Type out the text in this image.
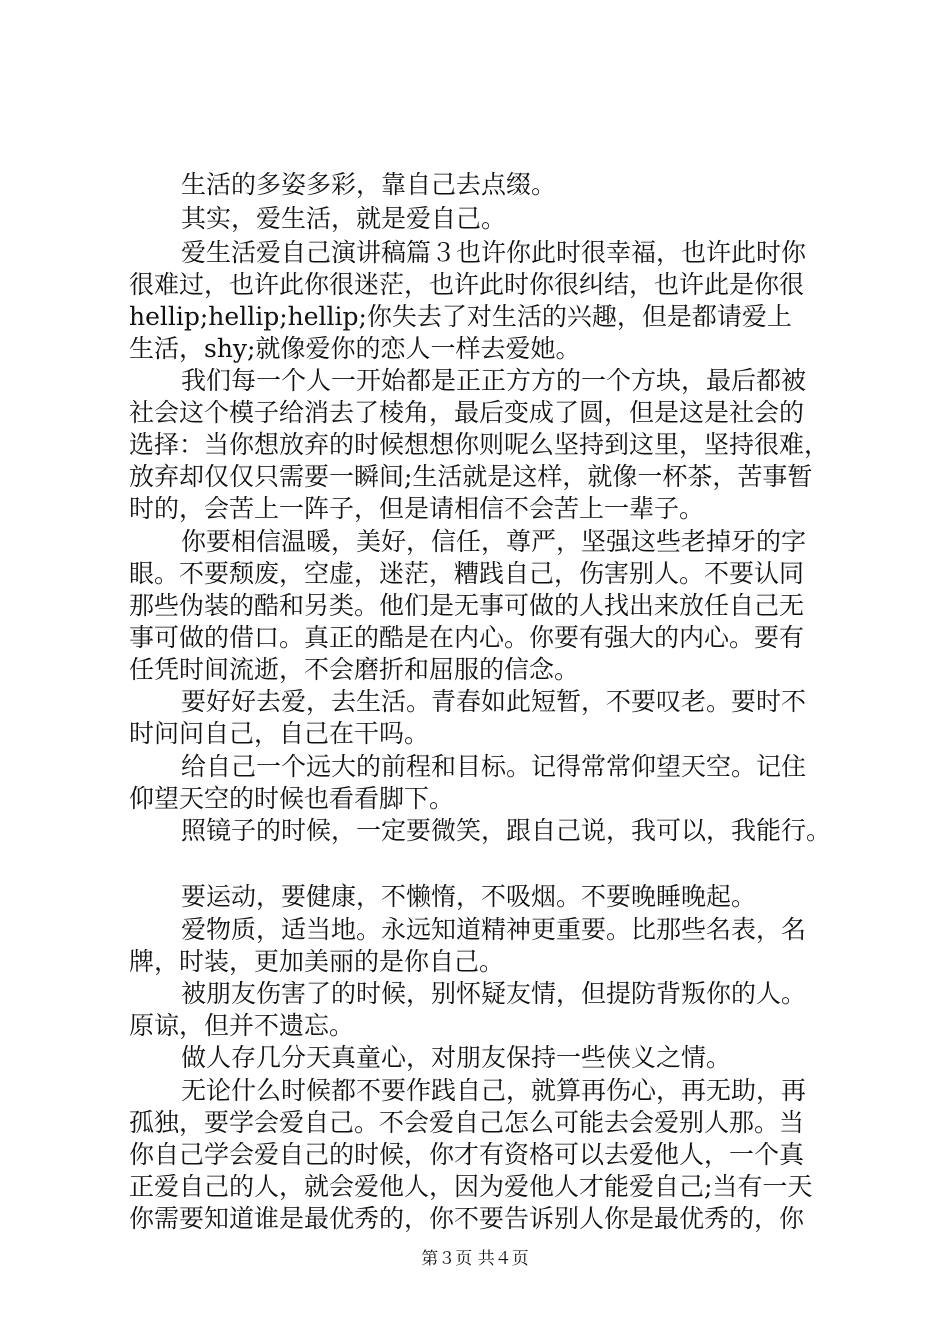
生活的多姿多彩，靠自己去点缀。

其实，爱生活，就是爱自己。

爱生活爱自己演讲稿篇３也许你此时很幸福，也许此时你

很难过，也许此你很迷茫，也许此时你很纠结，也许此是你很

hellip;hellip;hellip;你失去了对生活的兴趣，但是都请爱上

生活，shy;就像爱你的恋人一样去爱她。

我们每一个人一开始都是正正方方的一个方块，最后都被

社会这个模子给消去了棱角，最后变成了圆，但是这是社会的

选择：当你想放弃的时候想想你则呢么坚持到这里，坚持很难，

放弃却仅仅只需要一瞬间;生活就是这样，就像一杯茶，苦事暂

时的，会苦上一阵子，但是请相信不会苦上一辈子。

你要相信温暖，美好，信任，尊严，坚强这些老掉牙的字

眼。不要颓废，空虚，迷茫，糟践自己，伤害别人。不要认同

那些伪装的酷和另类。他们是无事可做的人找出来放任自己无

事可做的借口。真正的酷是在内心。你要有强大的内心。要有

任凭时间流逝，不会磨折和屈服的信念。

要好好去爱，去生活。青春如此短暂，不要叹老。要时不

时问问自己，自己在干吗。

给自己一个远大的前程和目标。记得常常仰望天空。记住

仰望天空的时候也看看脚下。

照镜子的时候，一定要微笑，跟自己说，我可以，我能行。

要运动，要健康，不懒惰，不吸烟。不要晚睡晚起。

爱物质，适当地。永远知道精神更重要。比那些名表，名

牌，时装，更加美丽的是你自己。

被朋友伤害了的时候，别怀疑友情，但提防背叛你的人。

原谅，但并不遗忘。

做人存几分天真童心，对朋友保持一些侠义之情。

无论什么时候都不要作践自己，就算再伤心，再无助，再

孤独，要学会爱自己。不会爱自己怎么可能去会爱别人那。当

你自己学会爱自己的时候，你才有资格可以去爱他人，一个真

正爱自己的人，就会爱他人，因为爱他人才能爱自己;当有一天

你需要知道谁是最优秀的，你不要告诉别人你是最优秀的，你

第３页 共４页
